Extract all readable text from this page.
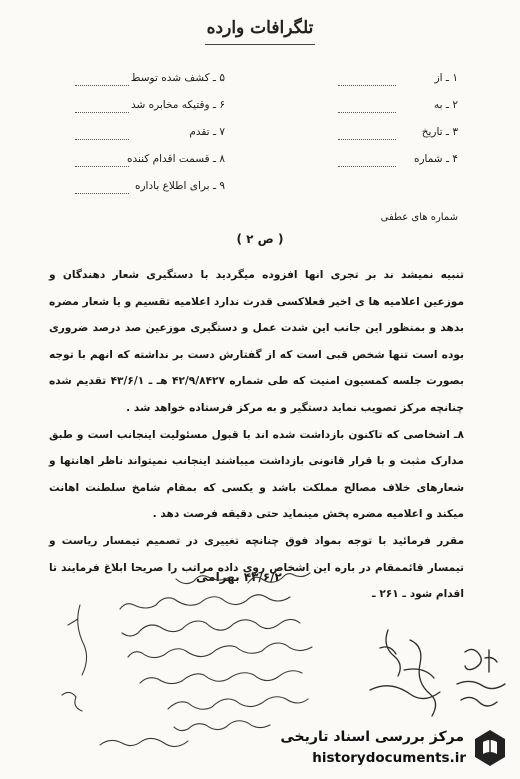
تلگرافات وارده
۱ ـ از
۲ ـ به
۳ ـ تاریخ
۴ ـ شماره
۵ ـ کشف شده توسط
۶ ـ وقتیکه مخابره شد
۷ ـ تقدم
۸ ـ قسمت اقدام کننده
۹ ـ برای اطلاع باداره
شماره های عطفی
( ص ۲ )

تنبیه نمیشد ند بر تجری انها افزوده میگردید با دستگیری شعار دهندگان و موزعین اعلامیه ها ی اخیر فعلاکسی قدرت ندارد اعلامیه تقسیم و یا شعار مضره بدهد و بمنظور این جانب این شدت عمل و دستگیری موزعین صد درصد ضروری بوده است تنها شخص قبی است که از گفتارش دست بر نداشته که انهم با توجه بصورت جلسه کمسیون امنیت که طی شماره ۴۲/۹/۸۴۲۷ هـ ـ ۴۳/۶/۱ تقدیم شده چنانچه مرکز تصویب نماید دستگیر و به مرکز فرستاده خواهد شد .

۸ـ اشخاصی که تاکنون بازداشت شده اند با قبول مسئولیت اینجانب است و طبق مدارک مثبت و با قرار قانونی بازداشت میباشند اینجانب نمیتواند ناظر اهانتها و شعارهای خلاف مصالح مملکت باشد و یکسی که بمقام شامخ سلطنت اهانت میکند و اعلامیه مضره پخش مینماید حتی دقیقه فرصت دهد .

مقرر فرمائید با توجه بمواد فوق چنانچه تغییری در تصمیم تیمسار ریاست و تیمسار قائممقام در باره این اشخاص روی داده مراتب را صریحا ابلاغ فرمایند تا اقدام شود ـ ۲۶۱ ـ

۴۳/۶/۲ بهرامی
مرکز بررسی اسناد تاریخی
historydocuments.ir
